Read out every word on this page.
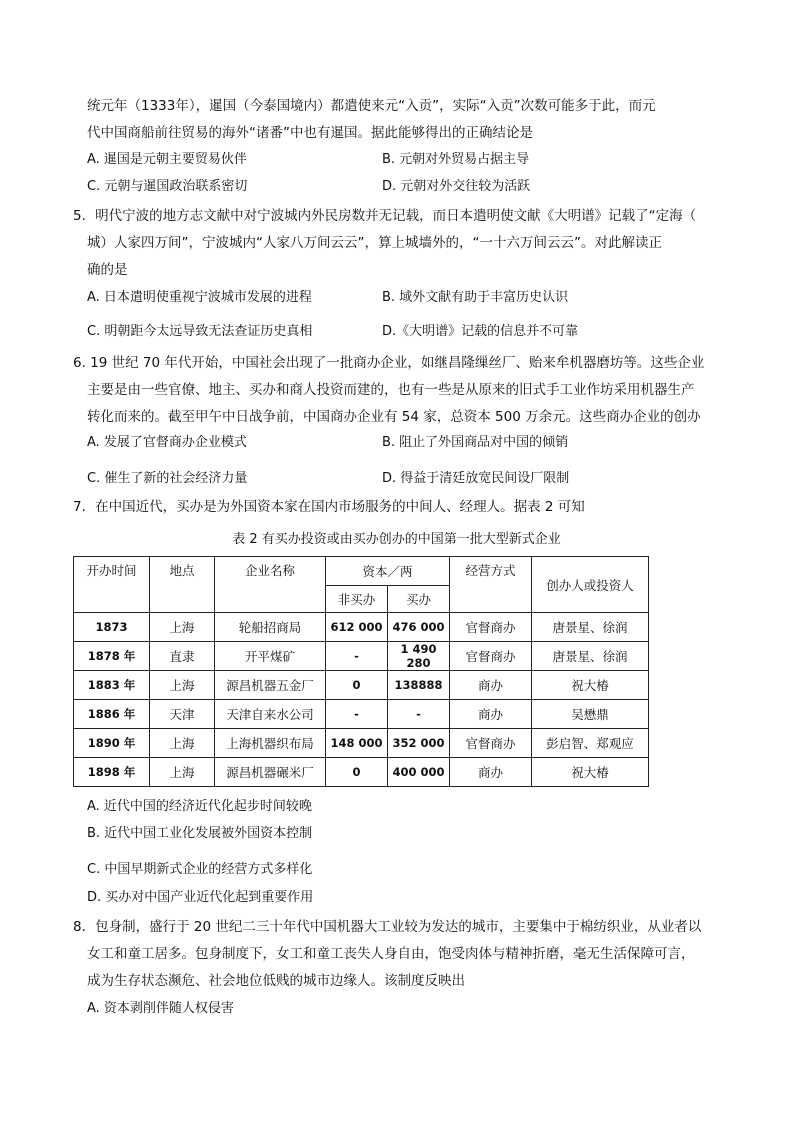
统元年（1333年），暹国（今泰国境内）都遣使来元“入贡”，实际“入贡”次数可能多于此，而元
代中国商船前往贸易的海外“诸番”中也有暹国。据此能够得出的正确结论是
A. 暹国是元朝主要贸易伙伴	B. 元朝对外贸易占据主导
C. 元朝与暹国政治联系密切	D. 元朝对外交往较为活跃
5．明代宁波的地方志文献中对宁波城内外民房数并无记载，而日本遣明使文献《大明谱》记载了“定海（
城）人家四万间”，宁波城内“人家八万间云云”，算上城墙外的，“一十六万间云云”。对此解读正
确的是
A. 日本遣明使重视宁波城市发展的进程	B. 域外文献有助于丰富历史认识
C. 明朝距今太远导致无法查证历史真相	D.《大明谱》记载的信息并不可靠
6. 19 世纪 70 年代开始，中国社会出现了一批商办企业，如继昌隆缫丝厂、贻来牟机器磨坊等。这些企业
主要是由一些官僚、地主、买办和商人投资而建的，也有一些是从原来的旧式手工业作坊采用机器生产
转化而来的。截至甲午中日战争前，中国商办企业有 54 家，总资本 500 万余元。这些商办企业的创办
A. 发展了官督商办企业模式	B. 阻止了外国商品对中国的倾销
C. 催生了新的社会经济力量	D. 得益于清廷放宽民间设厂限制
7．在中国近代，买办是为外国资本家在国内市场服务的中间人、经理人。据表 2 可知
表 2 有买办投资或由买办创办的中国第一批大型新式企业
开办时间	地点	企业名称	资本／两		经营方式	创办人或投资人
			非买办	买办		
1873	上海	轮船招商局	612 000	476 000	官督商办	唐景星、徐润
1878 年	直隶	开平煤矿	-	1 490 280	官督商办	唐景星、徐润
1883 年	上海	源昌机器五金厂	0	138888	商办	祝大椿
1886 年	天津	天津自来水公司	-	-	商办	吴懋鼎
1890 年	上海	上海机器织布局	148 000	352 000	官督商办	彭启智、郑观应
1898 年	上海	源昌机器碾米厂	0	400 000	商办	祝大椿
A. 近代中国的经济近代化起步时间较晚
B. 近代中国工业化发展被外国资本控制
C. 中国早期新式企业的经营方式多样化
D. 买办对中国产业近代化起到重要作用
8．包身制，盛行于 20 世纪二三十年代中国机器大工业较为发达的城市，主要集中于棉纺织业，从业者以
女工和童工居多。包身制度下，女工和童工丧失人身自由，饱受肉体与精神折磨，毫无生活保障可言，
成为生存状态濒危、社会地位低贱的城市边缘人。该制度反映出
A. 资本剥削伴随人权侵害
